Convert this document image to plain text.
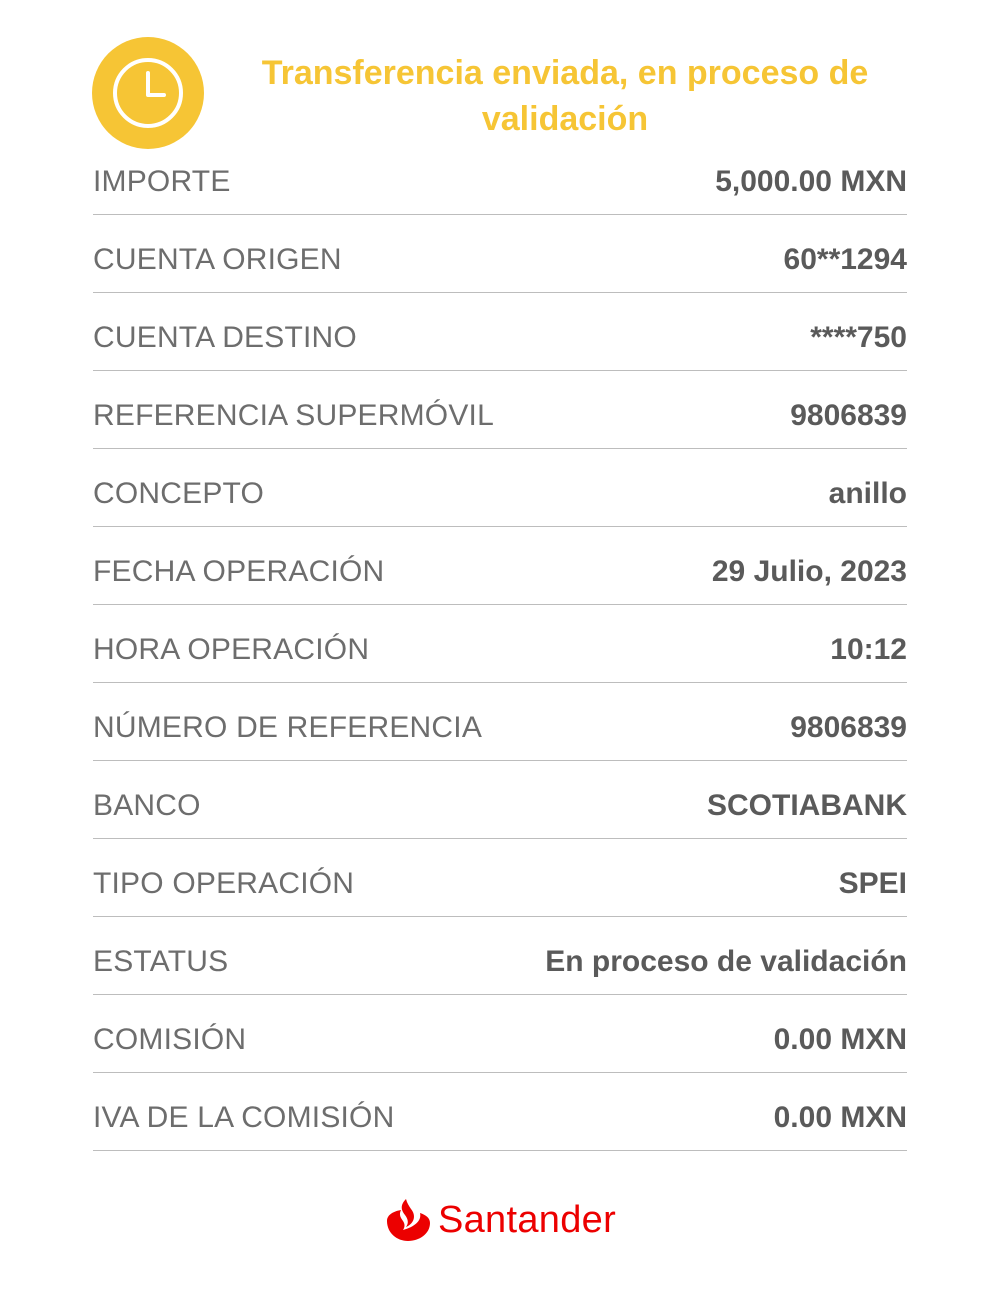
Transferencia enviada, en proceso de validación
IMPORTE	5,000.00 MXN
CUENTA ORIGEN	60**1294
CUENTA DESTINO	****750
REFERENCIA SUPERMÓVIL	9806839
CONCEPTO	anillo
FECHA OPERACIÓN	29 Julio, 2023
HORA OPERACIÓN	10:12
NÚMERO DE REFERENCIA	9806839
BANCO	SCOTIABANK
TIPO OPERACIÓN	SPEI
ESTATUS	En proceso de validación
COMISIÓN	0.00 MXN
IVA DE LA COMISIÓN	0.00 MXN
Santander
